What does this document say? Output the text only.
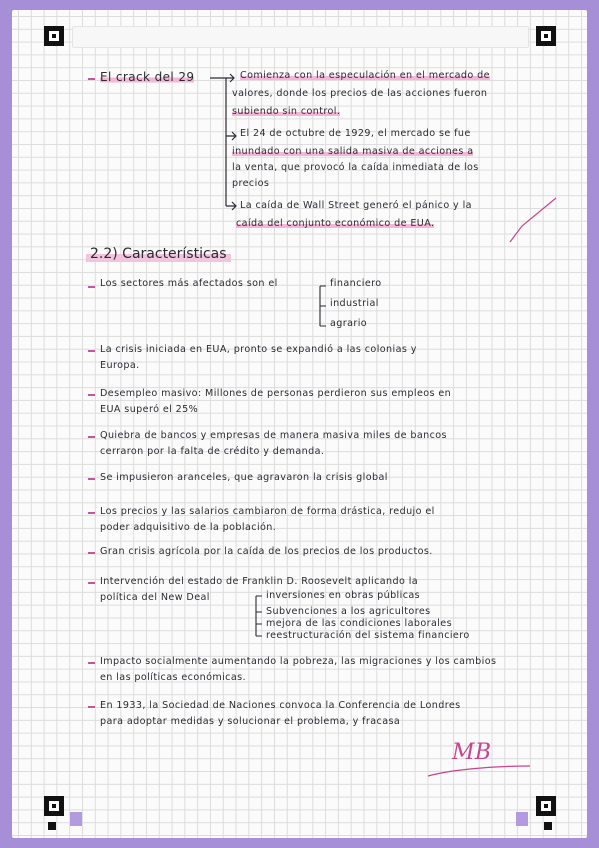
El crack del 29	Comienza con la especulación en el mercado de
valores, donde los precios de las acciones fueron
subiendo sin control.
El 24 de octubre de 1929, el mercado se fue
inundado con una salida masiva de acciones a
la venta, que provocó la caída inmediata de los
precios
La caída de Wall Street generó el pánico y la
caída del conjunto económico de EUA.
2.2) Características
Los sectores más afectados son el	financiero
industrial
agrario
La crisis iniciada en EUA, pronto se expandió a las colonias y
Europa.
Desempleo masivo: Millones de personas perdieron sus empleos en
EUA superó el 25%
Quiebra de bancos y empresas de manera masiva miles de bancos
cerraron por la falta de crédito y demanda.
Se impusieron aranceles, que agravaron la crisis global
Los precios y las salarios cambiaron de forma drástica, redujo el
poder adquisitivo de la población.
Gran crisis agrícola por la caída de los precios de los productos.
Intervención del estado de Franklin D. Roosevelt aplicando la
política del New Deal	inversiones en obras públicas
Subvenciones a los agricultores
mejora de las condiciones laborales
reestructuración del sistema financiero
Impacto socialmente aumentando la pobreza, las migraciones y los cambios
en las políticas económicas.
En 1933, la Sociedad de Naciones convoca la Conferencia de Londres
para adoptar medidas y solucionar el problema, y fracasa
MB
